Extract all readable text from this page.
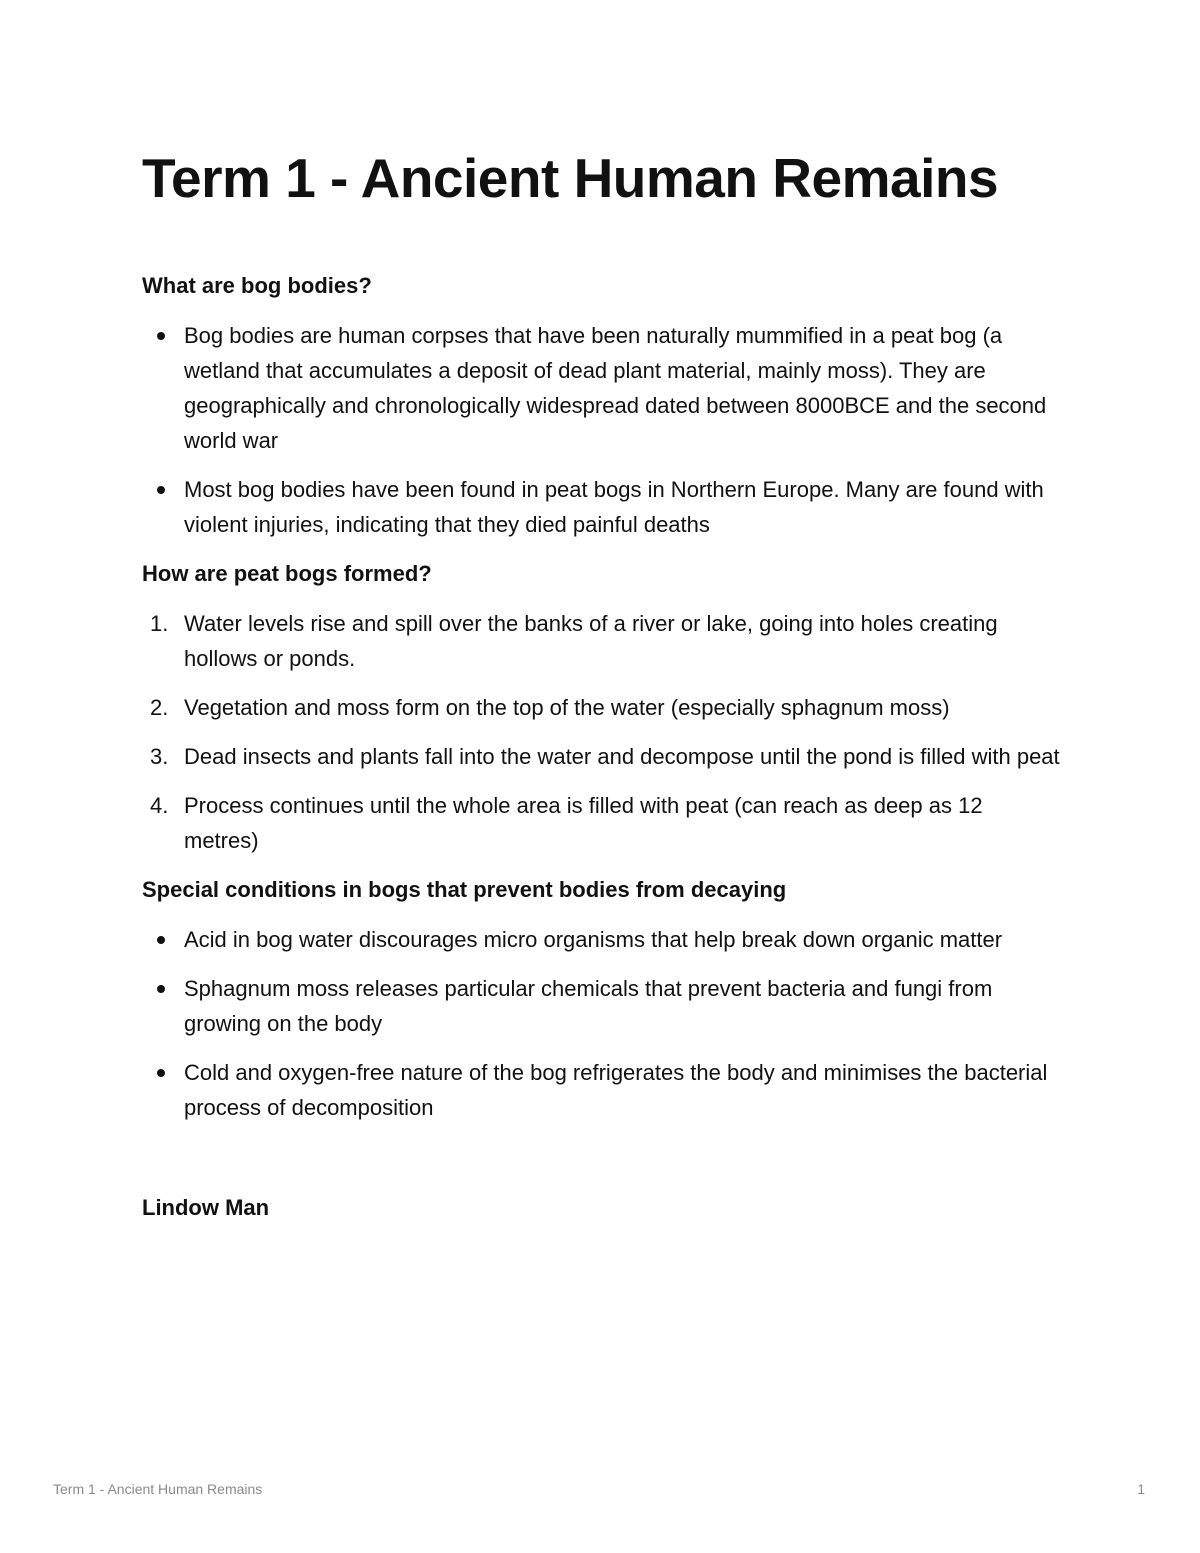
Term 1 - Ancient Human Remains
What are bog bodies?
Bog bodies are human corpses that have been naturally mummified in a peat bog (a wetland that accumulates a deposit of dead plant material, mainly moss). They are geographically and chronologically widespread dated between 8000BCE and the second world war
Most bog bodies have been found in peat bogs in Northern Europe. Many are found with violent injuries, indicating that they died painful deaths
How are peat bogs formed?
1. Water levels rise and spill over the banks of a river or lake, going into holes creating hollows or ponds.
2. Vegetation and moss form on the top of the water (especially sphagnum moss)
3. Dead insects and plants fall into the water and decompose until the pond is filled with peat
4. Process continues until the whole area is filled with peat (can reach as deep as 12 metres)
Special conditions in bogs that prevent bodies from decaying
Acid in bog water discourages micro organisms that help break down organic matter
Sphagnum moss releases particular chemicals that prevent bacteria and fungi from growing on the body
Cold and oxygen-free nature of the bog refrigerates the body and minimises the bacterial process of decomposition
Lindow Man
Term 1 - Ancient Human Remains	1
